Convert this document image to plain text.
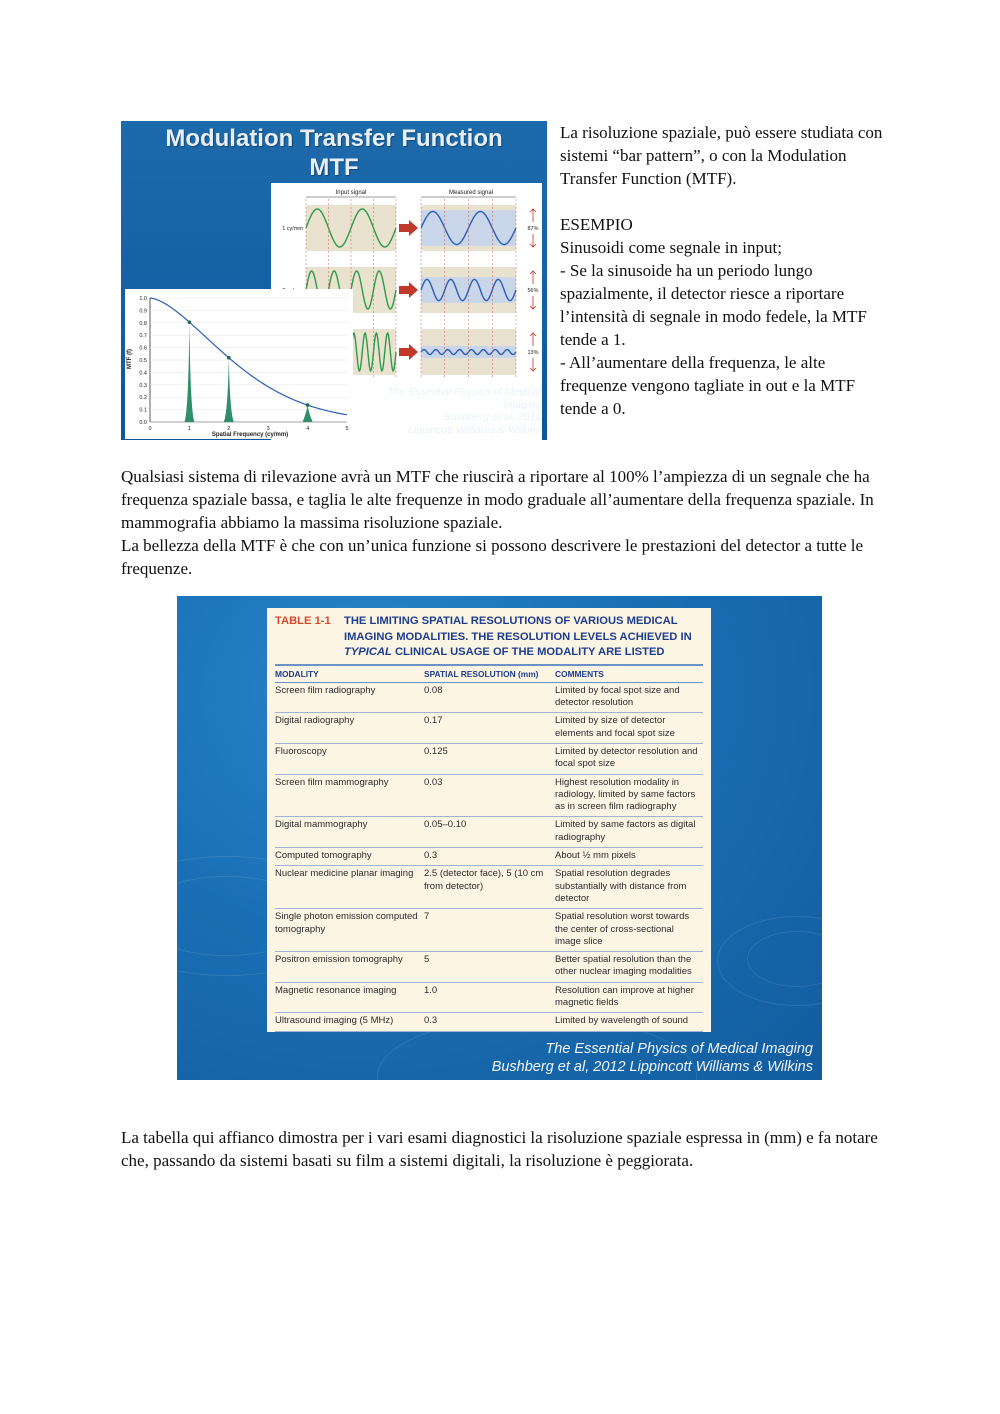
Modulation Transfer Function
MTF
Input signal	Measured signal
1 cy/mm	87%
56%
13%
1.0
0.9
0.8
0.7
0.6
0.5
0.4
0.3
0.2
0.1
0.0
0	1	2	3	4	5
MTF (f)
Spatial Frequency (cy/mm)
The Essential Physics of Medical
Imaging
Bushberg et al, 2012
Lippincott Williams & Wilkins

La risoluzione spaziale, può essere studiata con sistemi “bar pattern”, o con la Modulation Transfer Function (MTF).

ESEMPIO

Sinusoidi come segnale in input;

- Se la sinusoide ha un periodo lungo spazialmente, il detector riesce a riportare l’intensità di segnale in modo fedele, la MTF tende a 1.

- All’aumentare della frequenza, le alte frequenze vengono tagliate in out e la MTF tende a 0.

Qualsiasi sistema di rilevazione avrà un MTF che riuscirà a riportare al 100% l’ampiezza di un segnale che ha frequenza spaziale bassa, e taglia le alte frequenze in modo graduale all’aumentare della frequenza spaziale. In mammografia abbiamo la massima risoluzione spaziale.

La bellezza della MTF è che con un’unica funzione si possono descrivere le prestazioni del detector a tutte le frequenze.

TABLE 1-1	THE LIMITING SPATIAL RESOLUTIONS OF VARIOUS MEDICAL IMAGING MODALITIES. THE RESOLUTION LEVELS ACHIEVED IN TYPICAL CLINICAL USAGE OF THE MODALITY ARE LISTED
MODALITY	SPATIAL RESOLUTION (mm)	COMMENTS
Screen film radiography	0.08	Limited by focal spot size and detector resolution
Digital radiography	0.17	Limited by size of detector elements and focal spot size
Fluoroscopy	0.125	Limited by detector resolution and focal spot size
Screen film mammography	0.03	Highest resolution modality in radiology, limited by same factors as in screen film radiography
Digital mammography	0.05–0.10	Limited by same factors as digital radiography
Computed tomography	0.3	About ½ mm pixels
Nuclear medicine planar imaging	2.5 (detector face), 5 (10 cm from detector)	Spatial resolution degrades substantially with distance from detector
Single photon emission computed tomography	7	Spatial resolution worst towards the center of cross-sectional image slice
Positron emission tomography	5	Better spatial resolution than the other nuclear imaging modalities
Magnetic resonance imaging	1.0	Resolution can improve at higher magnetic fields
Ultrasound imaging (5 MHz)	0.3	Limited by wavelength of sound
The Essential Physics of Medical Imaging
Bushberg et al, 2012 Lippincott Williams & Wilkins

La tabella qui affianco dimostra per i vari esami diagnostici la risoluzione spaziale espressa in (mm) e fa notare che, passando da sistemi basati su film a sistemi digitali, la risoluzione è peggiorata.
